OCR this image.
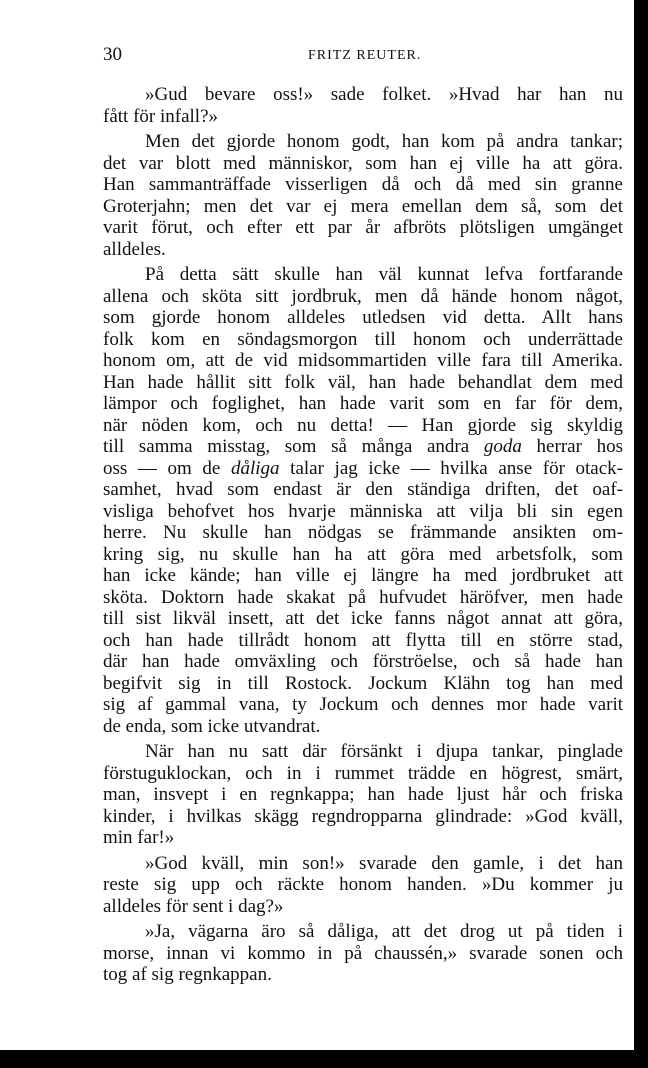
30	FRITZ REUTER.
»Gud bevare oss!» sade folket. »Hvad har han nu
fått för infall?»
Men det gjorde honom godt, han kom på andra tankar;
det var blott med människor, som han ej ville ha att göra.
Han sammanträffade visserligen då och då med sin granne
Groterjahn; men det var ej mera emellan dem så, som det
varit förut, och efter ett par år afbröts plötsligen umgänget
alldeles.
På detta sätt skulle han väl kunnat lefva fortfarande
allena och sköta sitt jordbruk, men då hände honom något,
som gjorde honom alldeles utledsen vid detta. Allt hans
folk kom en söndagsmorgon till honom och underrättade
honom om, att de vid midsommartiden ville fara till Amerika.
Han hade hållit sitt folk väl, han hade behandlat dem med
lämpor och foglighet, han hade varit som en far för dem,
när nöden kom, och nu detta! — Han gjorde sig skyldig
till samma misstag, som så många andra goda herrar hos
oss — om de dåliga talar jag icke — hvilka anse för otack-
samhet, hvad som endast är den ständiga driften, det oaf-
visliga behofvet hos hvarje människa att vilja bli sin egen
herre. Nu skulle han nödgas se främmande ansikten om-
kring sig, nu skulle han ha att göra med arbetsfolk, som
han icke kände; han ville ej längre ha med jordbruket att
sköta. Doktorn hade skakat på hufvudet häröfver, men hade
till sist likväl insett, att det icke fanns något annat att göra,
och han hade tillrådt honom att flytta till en större stad,
där han hade omväxling och förströelse, och så hade han
begifvit sig in till Rostock. Jockum Klähn tog han med
sig af gammal vana, ty Jockum och dennes mor hade varit
de enda, som icke utvandrat.
När han nu satt där försänkt i djupa tankar, pinglade
förstuguklockan, och in i rummet trädde en högrest, smärt,
man, insvept i en regnkappa; han hade ljust hår och friska
kinder, i hvilkas skägg regndropparna glindrade: »God kväll,
min far!»
»God kväll, min son!» svarade den gamle, i det han
reste sig upp och räckte honom handen. »Du kommer ju
alldeles för sent i dag?»
»Ja, vägarna äro så dåliga, att det drog ut på tiden i
morse, innan vi kommo in på chaussén,» svarade sonen och
tog af sig regnkappan.
